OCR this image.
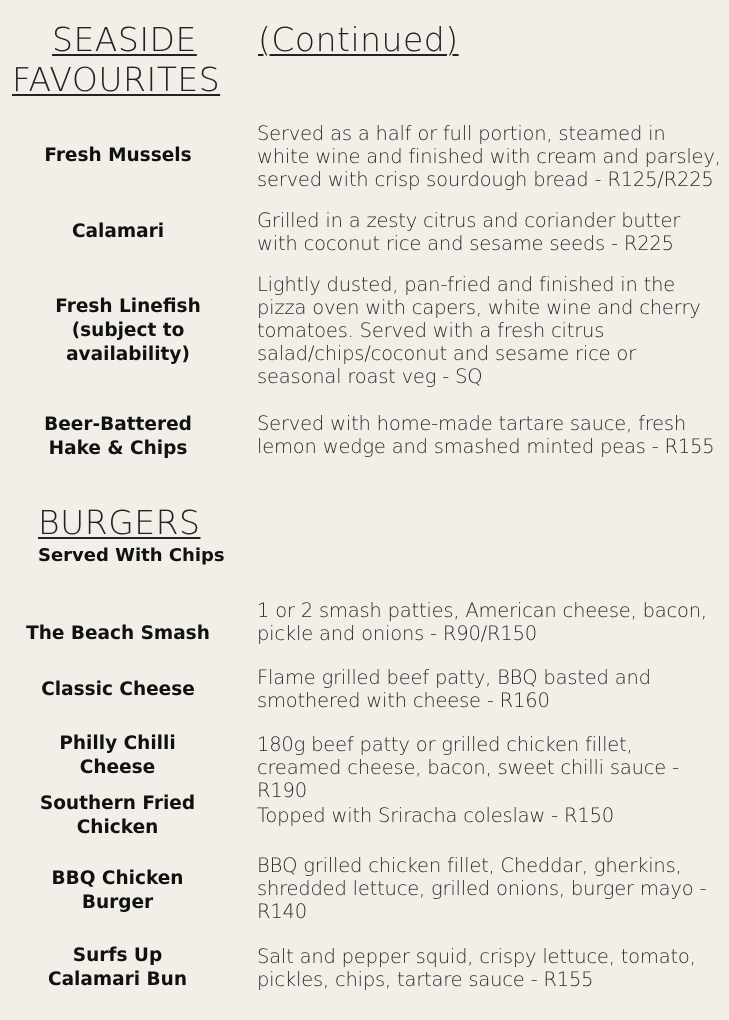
SEASIDE
FAVOURITES
(Continued)
Fresh Mussels
Served as a half or full portion, steamed in white wine and finished with cream and parsley, served with crisp sourdough bread - R125/R225
Calamari	Grilled in a zesty citrus and coriander butter with coconut rice and sesame seeds - R225
Fresh Linefish (subject to availability)
Lightly dusted, pan-fried and finished in the pizza oven with capers, white wine and cherry tomatoes. Served with a fresh citrus salad/chips/coconut and sesame rice or seasonal roast veg - SQ
Beer-Battered Hake & Chips
Served with home-made tartare sauce, fresh lemon wedge and smashed minted peas - R155
BURGERS
Served With Chips
The Beach Smash
1 or 2 smash patties, American cheese, bacon, pickle and onions - R90/R150
Classic Cheese
Flame grilled beef patty, BBQ basted and smothered with cheese - R160
Philly Chilli Cheese
180g beef patty or grilled chicken fillet, creamed cheese, bacon, sweet chilli sauce - R190
Southern Fried Chicken
Topped with Sriracha coleslaw - R150
BBQ Chicken Burger
BBQ grilled chicken fillet, Cheddar, gherkins, shredded lettuce, grilled onions, burger mayo - R140
Surfs Up Calamari Bun
Salt and pepper squid, crispy lettuce, tomato, pickles, chips, tartare sauce - R155
